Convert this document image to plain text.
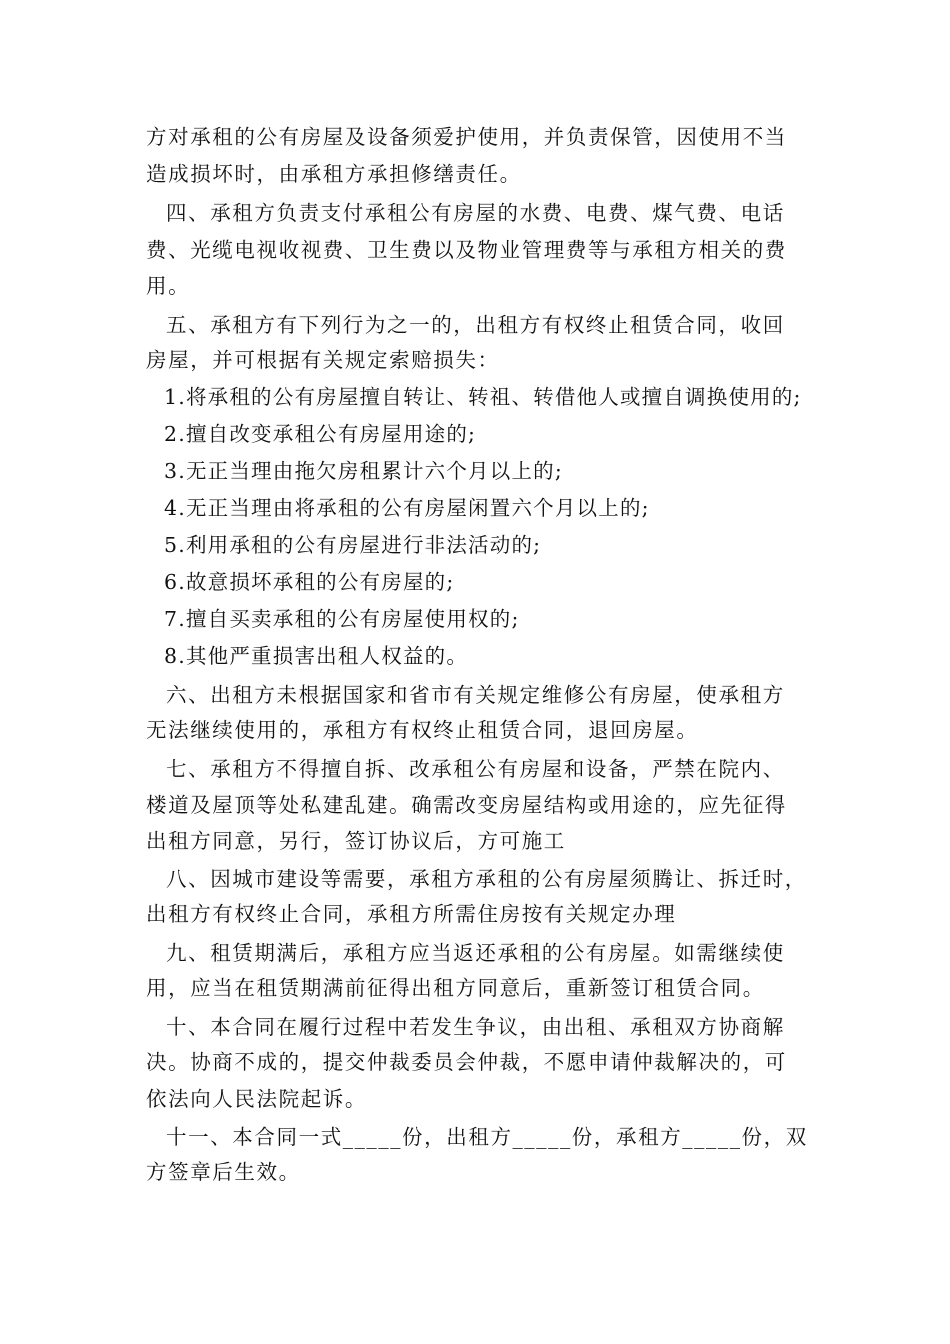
方对承租的公有房屋及设备须爱护使用，并负责保管，因使用不当
造成损坏时，由承租方承担修缮责任。
四、承租方负责支付承租公有房屋的水费、电费、煤气费、电话
费、光缆电视收视费、卫生费以及物业管理费等与承租方相关的费
用。
五、承租方有下列行为之一的，出租方有权终止租赁合同，收回
房屋，并可根据有关规定索赔损失：
1.将承租的公有房屋擅自转让、转祖、转借他人或擅自调换使用的;
2.擅自改变承租公有房屋用途的;
3.无正当理由拖欠房租累计六个月以上的;
4.无正当理由将承租的公有房屋闲置六个月以上的;
5.利用承租的公有房屋进行非法活动的;
6.故意损坏承租的公有房屋的;
7.擅自买卖承租的公有房屋使用权的;
8.其他严重损害出租人权益的。
六、出租方未根据国家和省市有关规定维修公有房屋，使承租方
无法继续使用的，承租方有权终止租赁合同，退回房屋。
七、承租方不得擅自拆、改承租公有房屋和设备，严禁在院内、
楼道及屋顶等处私建乱建。确需改变房屋结构或用途的，应先征得
出租方同意，另行，签订协议后，方可施工
八、因城市建设等需要，承租方承租的公有房屋须腾让、拆迁时，
出租方有权终止合同，承租方所需住房按有关规定办理
九、租赁期满后，承租方应当返还承租的公有房屋。如需继续使
用，应当在租赁期满前征得出租方同意后，重新签订租赁合同。
十、本合同在履行过程中若发生争议，由出租、承租双方协商解
决。协商不成的，提交仲裁委员会仲裁，不愿申请仲裁解决的，可
依法向人民法院起诉。
十一、本合同一式_____份，出租方_____份，承租方_____份，双
方签章后生效。
